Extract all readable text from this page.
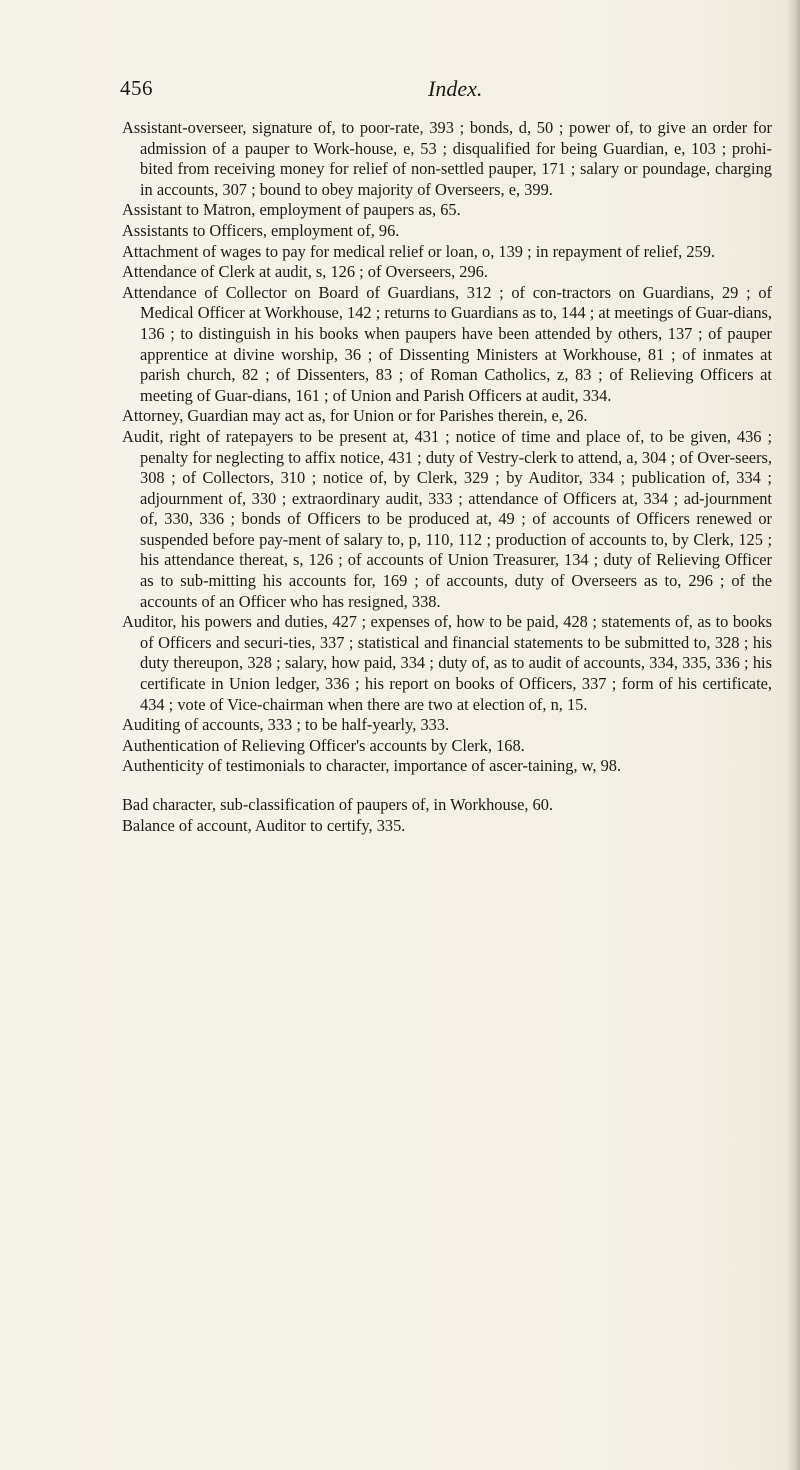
456	Index.

Assistant-overseer, signature of, to poor-rate, 393 ; bonds, d, 50 ; power of, to give an order for admission of a pauper to Work-house, e, 53 ; disqualified for being Guardian, e, 103 ; prohi-bited from receiving money for relief of non-settled pauper, 171 ; salary or poundage, charging in accounts, 307 ; bound to obey majority of Overseers, e, 399.

Assistant to Matron, employment of paupers as, 65.

Assistants to Officers, employment of, 96.

Attachment of wages to pay for medical relief or loan, o, 139 ; in repayment of relief, 259.

Attendance of Clerk at audit, s, 126 ; of Overseers, 296.

Attendance of Collector on Board of Guardians, 312 ; of con-tractors on Guardians, 29 ; of Medical Officer at Workhouse, 142 ; returns to Guardians as to, 144 ; at meetings of Guar-dians, 136 ; to distinguish in his books when paupers have been attended by others, 137 ; of pauper apprentice at divine worship, 36 ; of Dissenting Ministers at Workhouse, 81 ; of inmates at parish church, 82 ; of Dissenters, 83 ; of Roman Catholics, z, 83 ; of Relieving Officers at meeting of Guar-dians, 161 ; of Union and Parish Officers at audit, 334.

Attorney, Guardian may act as, for Union or for Parishes therein, e, 26.

Audit, right of ratepayers to be present at, 431 ; notice of time and place of, to be given, 436 ; penalty for neglecting to affix notice, 431 ; duty of Vestry-clerk to attend, a, 304 ; of Over-seers, 308 ; of Collectors, 310 ; notice of, by Clerk, 329 ; by Auditor, 334 ; publication of, 334 ; adjournment of, 330 ; extraordinary audit, 333 ; attendance of Officers at, 334 ; ad-journment of, 330, 336 ; bonds of Officers to be produced at, 49 ; of accounts of Officers renewed or suspended before pay-ment of salary to, p, 110, 112 ; production of accounts to, by Clerk, 125 ; his attendance thereat, s, 126 ; of accounts of Union Treasurer, 134 ; duty of Relieving Officer as to sub-mitting his accounts for, 169 ; of accounts, duty of Overseers as to, 296 ; of the accounts of an Officer who has resigned, 338.

Auditor, his powers and duties, 427 ; expenses of, how to be paid, 428 ; statements of, as to books of Officers and securi-ties, 337 ; statistical and financial statements to be submitted to, 328 ; his duty thereupon, 328 ; salary, how paid, 334 ; duty of, as to audit of accounts, 334, 335, 336 ; his certificate in Union ledger, 336 ; his report on books of Officers, 337 ; form of his certificate, 434 ; vote of Vice-chairman when there are two at election of, n, 15.

Auditing of accounts, 333 ; to be half-yearly, 333.

Authentication of Relieving Officer's accounts by Clerk, 168.

Authenticity of testimonials to character, importance of ascer-taining, w, 98.

Bad character, sub-classification of paupers of, in Workhouse, 60.

Balance of account, Auditor to certify, 335.
